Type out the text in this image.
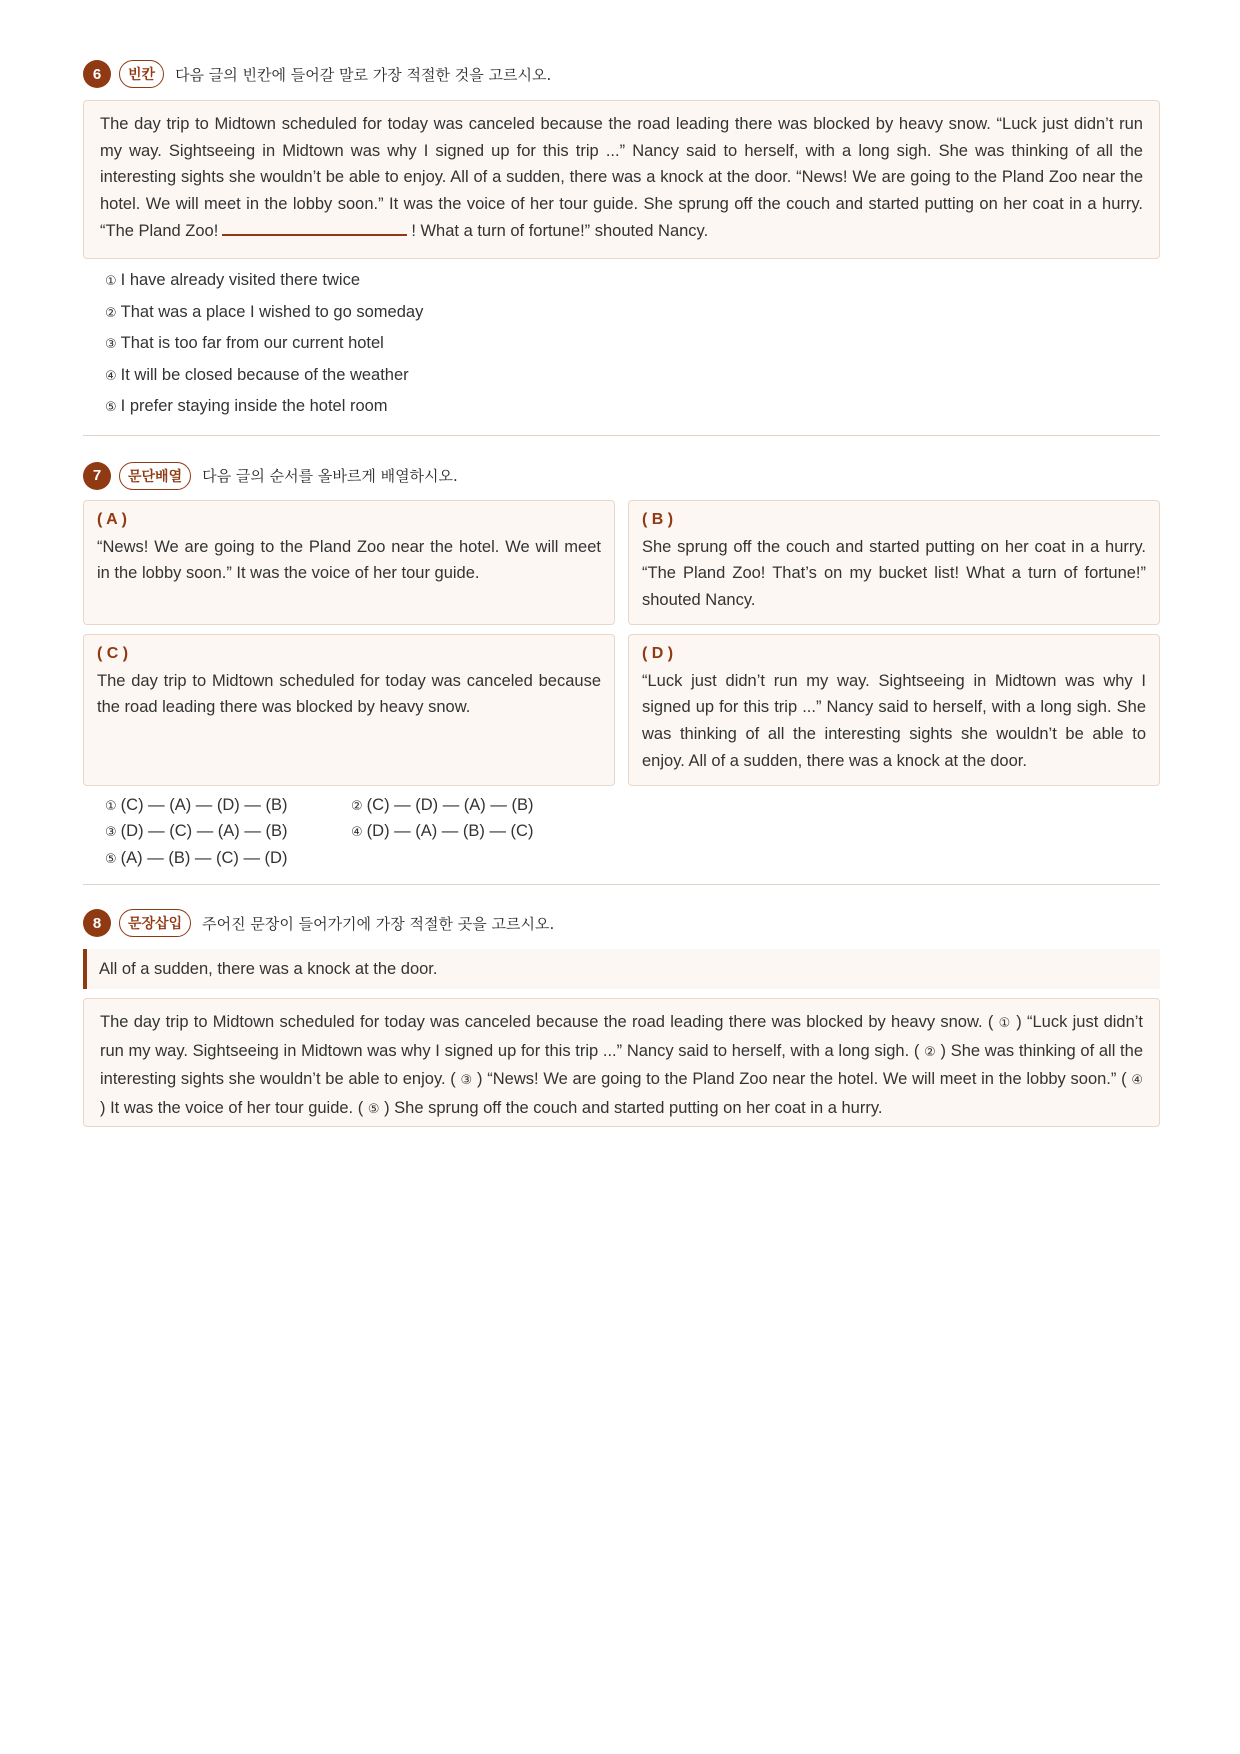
6	빈칸	다음 글의 빈칸에 들어갈 말로 가장 적절한 것을 고르시오.
The day trip to Midtown scheduled for today was canceled because the road leading there was blocked by heavy snow. “Luck just didn’t run my way. Sightseeing in Midtown was why I signed up for this trip ...” Nancy said to herself, with a long sigh. She was thinking of all the interesting sights she wouldn’t be able to enjoy. All of a sudden, there was a knock at the door. “News! We are going to the Pland Zoo near the hotel. We will meet in the lobby soon.” It was the voice of her tour guide. She sprung off the couch and started putting on her coat in a hurry. “The Pland Zoo!	! What a turn of fortune!” shouted Nancy.
① I have already visited there twice
② That was a place I wished to go someday
③ That is too far from our current hotel
④ It will be closed because of the weather
⑤ I prefer staying inside the hotel room
7	문단배열	다음 글의 순서를 올바르게 배열하시오.
( A )
“News! We are going to the Pland Zoo near the hotel. We will meet in the lobby soon.” It was the voice of her tour guide.
( B )
She sprung off the couch and started putting on her coat in a hurry. “The Pland Zoo! That’s on my bucket list! What a turn of fortune!” shouted Nancy.
( C )
The day trip to Midtown scheduled for today was canceled because the road leading there was blocked by heavy snow.
( D )
“Luck just didn’t run my way. Sightseeing in Midtown was why I signed up for this trip ...” Nancy said to herself, with a long sigh. She was thinking of all the interesting sights she wouldn’t be able to enjoy. All of a sudden, there was a knock at the door.
① (C) — (A) — (D) — (B)	② (C) — (D) — (A) — (B)
③ (D) — (C) — (A) — (B)	④ (D) — (A) — (B) — (C)
⑤ (A) — (B) — (C) — (D)
8	문장삽입	주어진 문장이 들어가기에 가장 적절한 곳을 고르시오.
All of a sudden, there was a knock at the door.
The day trip to Midtown scheduled for today was canceled because the road leading there was blocked by heavy snow. ( ① ) “Luck just didn’t run my way. Sightseeing in Midtown was why I signed up for this trip ...” Nancy said to herself, with a long sigh. ( ② ) She was thinking of all the interesting sights she wouldn’t be able to enjoy. ( ③ ) “News! We are going to the Pland Zoo near the hotel. We will meet in the lobby soon.” ( ④ ) It was the voice of her tour guide. ( ⑤ ) She sprung off the couch and started putting on her coat in a hurry.
